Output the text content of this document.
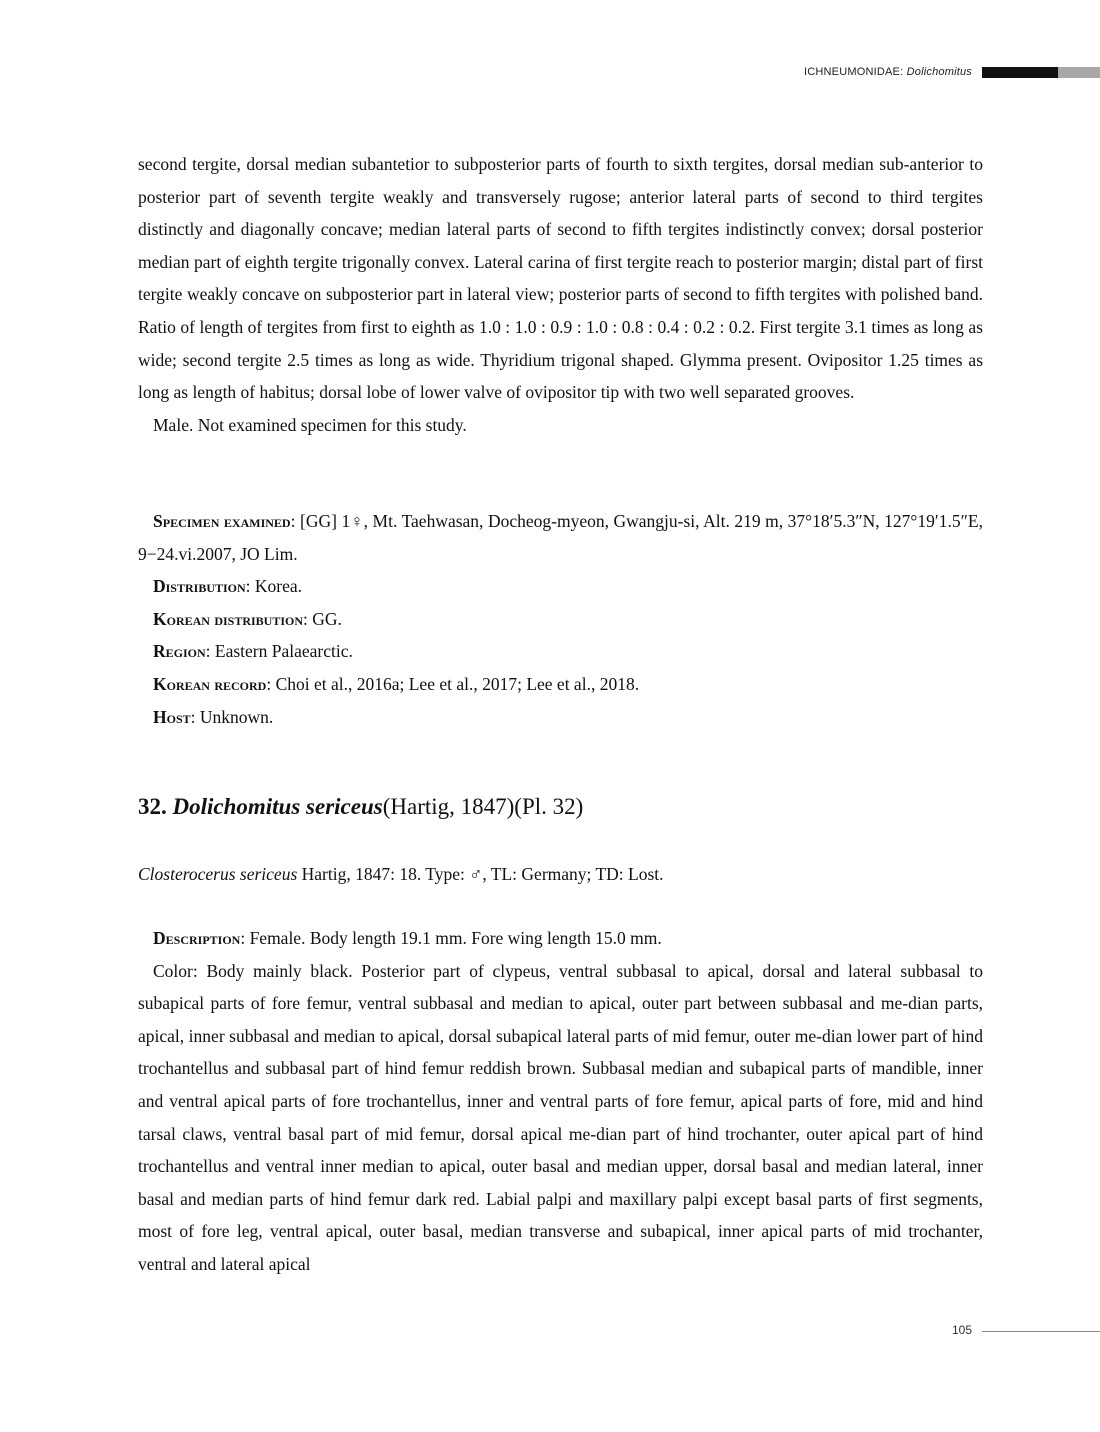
ICHNEUMONIDAE: Dolichomitus

second tergite, dorsal median subantetior to subposterior parts of fourth to sixth tergites, dorsal median sub-anterior to posterior part of seventh tergite weakly and transversely rugose; anterior lateral parts of second to third tergites distinctly and diagonally concave; median lateral parts of second to fifth tergites indistinctly convex; dorsal posterior median part of eighth tergite trigonally convex. Lateral carina of first tergite reach to posterior margin; distal part of first tergite weakly concave on subposterior part in lateral view; posterior parts of second to fifth tergites with polished band. Ratio of length of tergites from first to eighth as 1.0 : 1.0 : 0.9 : 1.0 : 0.8 : 0.4 : 0.2 : 0.2. First tergite 3.1 times as long as wide; second tergite 2.5 times as long as wide. Thyridium trigonal shaped. Glymma present. Ovipositor 1.25 times as long as length of habitus; dorsal lobe of lower valve of ovipositor tip with two well separated grooves.

Male. Not examined specimen for this study.

Specimen examined: [GG] 1♀, Mt. Taehwasan, Docheog-myeon, Gwangju-si, Alt. 219 m, 37°18′5.3″N, 127°19′1.5″E, 9−24.vi.2007, JO Lim.

Distribution: Korea.

Korean distribution: GG.

Region: Eastern Palaearctic.

Korean record: Choi et al., 2016a; Lee et al., 2017; Lee et al., 2018.

Host: Unknown.

32. Dolichomitus sericeus(Hartig, 1847)(Pl. 32)

Closterocerus sericeus Hartig, 1847: 18. Type: ♂, TL: Germany; TD: Lost.

Description: Female. Body length 19.1 mm. Fore wing length 15.0 mm.

Color: Body mainly black. Posterior part of clypeus, ventral subbasal to apical, dorsal and lateral subbasal to subapical parts of fore femur, ventral subbasal and median to apical, outer part between subbasal and me-dian parts, apical, inner subbasal and median to apical, dorsal subapical lateral parts of mid femur, outer me-dian lower part of hind trochantellus and subbasal part of hind femur reddish brown. Subbasal median and subapical parts of mandible, inner and ventral apical parts of fore trochantellus, inner and ventral parts of fore femur, apical parts of fore, mid and hind tarsal claws, ventral basal part of mid femur, dorsal apical me-dian part of hind trochanter, outer apical part of hind trochantellus and ventral inner median to apical, outer basal and median upper, dorsal basal and median lateral, inner basal and median parts of hind femur dark red. Labial palpi and maxillary palpi except basal parts of first segments, most of fore leg, ventral apical, outer basal, median transverse and subapical, inner apical parts of mid trochanter, ventral and lateral apical

105
